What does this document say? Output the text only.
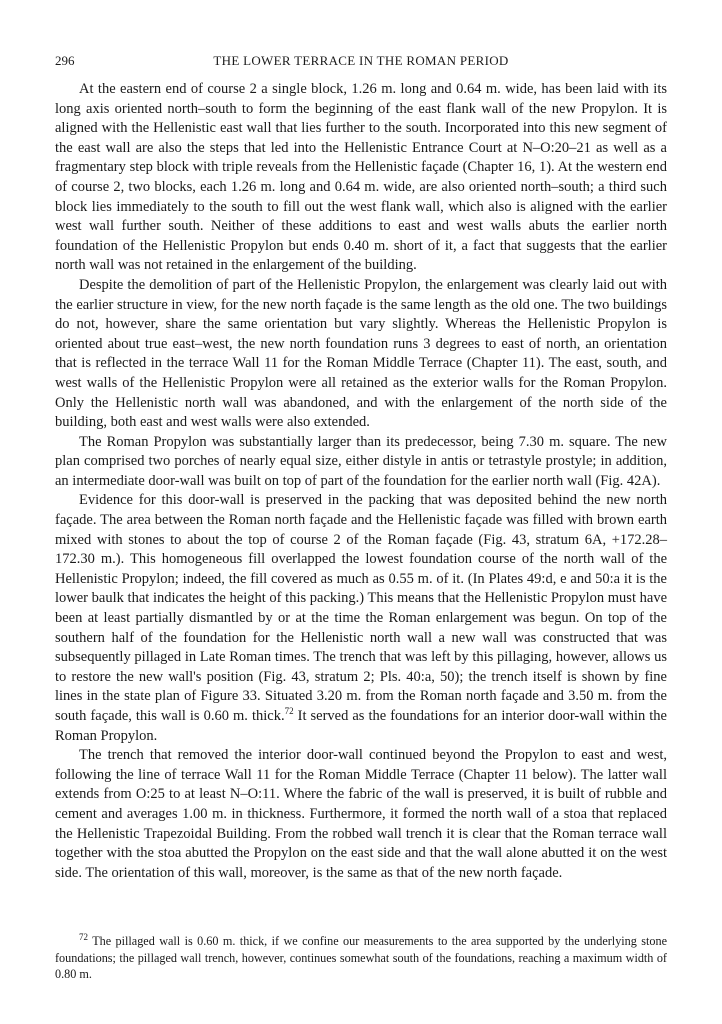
296	THE LOWER TERRACE IN THE ROMAN PERIOD

At the eastern end of course 2 a single block, 1.26 m. long and 0.64 m. wide, has been laid with its long axis oriented north–south to form the beginning of the east flank wall of the new Propylon. It is aligned with the Hellenistic east wall that lies further to the south. Incorporated into this new segment of the east wall are also the steps that led into the Hellenistic Entrance Court at N–O:20–21 as well as a fragmentary step block with triple reveals from the Hellenistic façade (Chapter 16, 1). At the western end of course 2, two blocks, each 1.26 m. long and 0.64 m. wide, are also oriented north–south; a third such block lies immediately to the south to fill out the west flank wall, which also is aligned with the earlier west wall further south. Neither of these additions to east and west walls abuts the earlier north foundation of the Hellenistic Propylon but ends 0.40 m. short of it, a fact that suggests that the earlier north wall was not retained in the enlargement of the building.

Despite the demolition of part of the Hellenistic Propylon, the enlargement was clearly laid out with the earlier structure in view, for the new north façade is the same length as the old one. The two buildings do not, however, share the same orientation but vary slightly. Whereas the Hellenistic Propylon is oriented about true east–west, the new north foundation runs 3 degrees to east of north, an orientation that is reflected in the terrace Wall 11 for the Roman Middle Terrace (Chapter 11). The east, south, and west walls of the Hellenistic Propylon were all retained as the exterior walls for the Roman Propylon. Only the Hellenistic north wall was abandoned, and with the enlargement of the north side of the building, both east and west walls were also extended.

The Roman Propylon was substantially larger than its predecessor, being 7.30 m. square. The new plan comprised two porches of nearly equal size, either distyle in antis or tetrastyle prostyle; in addition, an intermediate door-wall was built on top of part of the foundation for the earlier north wall (Fig. 42A).

Evidence for this door-wall is preserved in the packing that was deposited behind the new north façade. The area between the Roman north façade and the Hellenistic façade was filled with brown earth mixed with stones to about the top of course 2 of the Roman façade (Fig. 43, stratum 6A, +172.28–172.30 m.). This homogeneous fill overlapped the lowest foundation course of the north wall of the Hellenistic Propylon; indeed, the fill covered as much as 0.55 m. of it. (In Plates 49:d, e and 50:a it is the lower baulk that indicates the height of this packing.) This means that the Hellenistic Propylon must have been at least partially dismantled by or at the time the Roman enlargement was begun. On top of the southern half of the foundation for the Hellenistic north wall a new wall was constructed that was subsequently pillaged in Late Roman times. The trench that was left by this pillaging, however, allows us to restore the new wall's position (Fig. 43, stratum 2; Pls. 40:a, 50); the trench itself is shown by fine lines in the state plan of Figure 33. Situated 3.20 m. from the Roman north façade and 3.50 m. from the south façade, this wall is 0.60 m. thick.$^{72}$ It served as the foundations for an interior door-wall within the Roman Propylon.

The trench that removed the interior door-wall continued beyond the Propylon to east and west, following the line of terrace Wall 11 for the Roman Middle Terrace (Chapter 11 below). The latter wall extends from O:25 to at least N–O:11. Where the fabric of the wall is preserved, it is built of rubble and cement and averages 1.00 m. in thickness. Furthermore, it formed the north wall of a stoa that replaced the Hellenistic Trapezoidal Building. From the robbed wall trench it is clear that the Roman terrace wall together with the stoa abutted the Propylon on the east side and that the wall alone abutted it on the west side. The orientation of this wall, moreover, is the same as that of the new north façade.

$^{72}$ The pillaged wall is 0.60 m. thick, if we confine our measurements to the area supported by the underlying stone foundations; the pillaged wall trench, however, continues somewhat south of the foundations, reaching a maximum width of 0.80 m.
